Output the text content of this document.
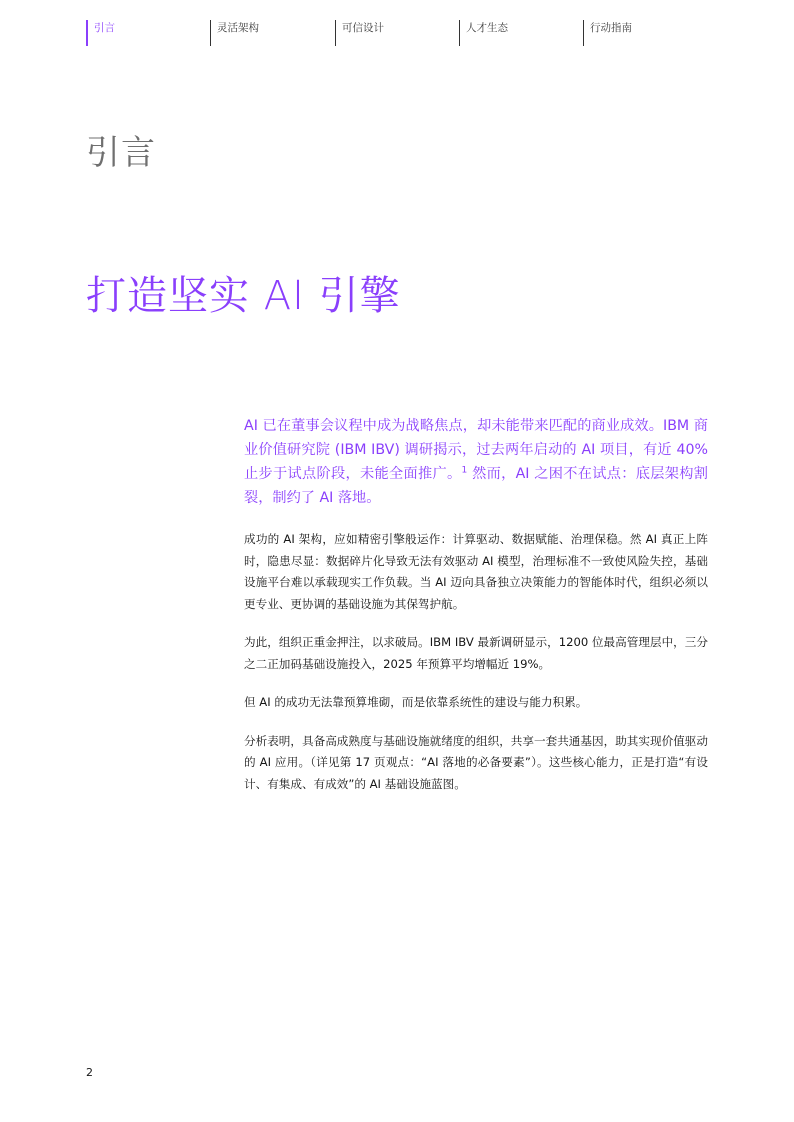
引言	灵活架构	可信设计	人才生态	行动指南
引言
打造坚实 AI 引擎

AI 已在董事会议程中成为战略焦点，却未能带来匹配的商业成效。IBM 商业价值研究院 (IBM IBV) 调研揭示，过去两年启动的 AI 项目，有近 40% 止步于试点阶段，未能全面推广。$^1$ 然而，AI 之困不在试点：底层架构割裂，制约了 AI 落地。

成功的 AI 架构，应如精密引擎般运作：计算驱动、数据赋能、治理保稳。然 AI 真正上阵时，隐患尽显：数据碎片化导致无法有效驱动 AI 模型，治理标准不一致使风险失控，基础设施平台难以承载现实工作负载。当 AI 迈向具备独立决策能力的智能体时代，组织必须以更专业、更协调的基础设施为其保驾护航。

为此，组织正重金押注，以求破局。IBM IBV 最新调研显示，1200 位最高管理层中，三分之二正加码基础设施投入，2025 年预算平均增幅近 19%。

但 AI 的成功无法靠预算堆砌，而是依靠系统性的建设与能力积累。

分析表明，具备高成熟度与基础设施就绪度的组织，共享一套共通基因，助其实现价值驱动的 AI 应用。（详见第 17 页观点：“AI 落地的必备要素”）。这些核心能力，正是打造“有设计、有集成、有成效”的 AI 基础设施蓝图。

2
